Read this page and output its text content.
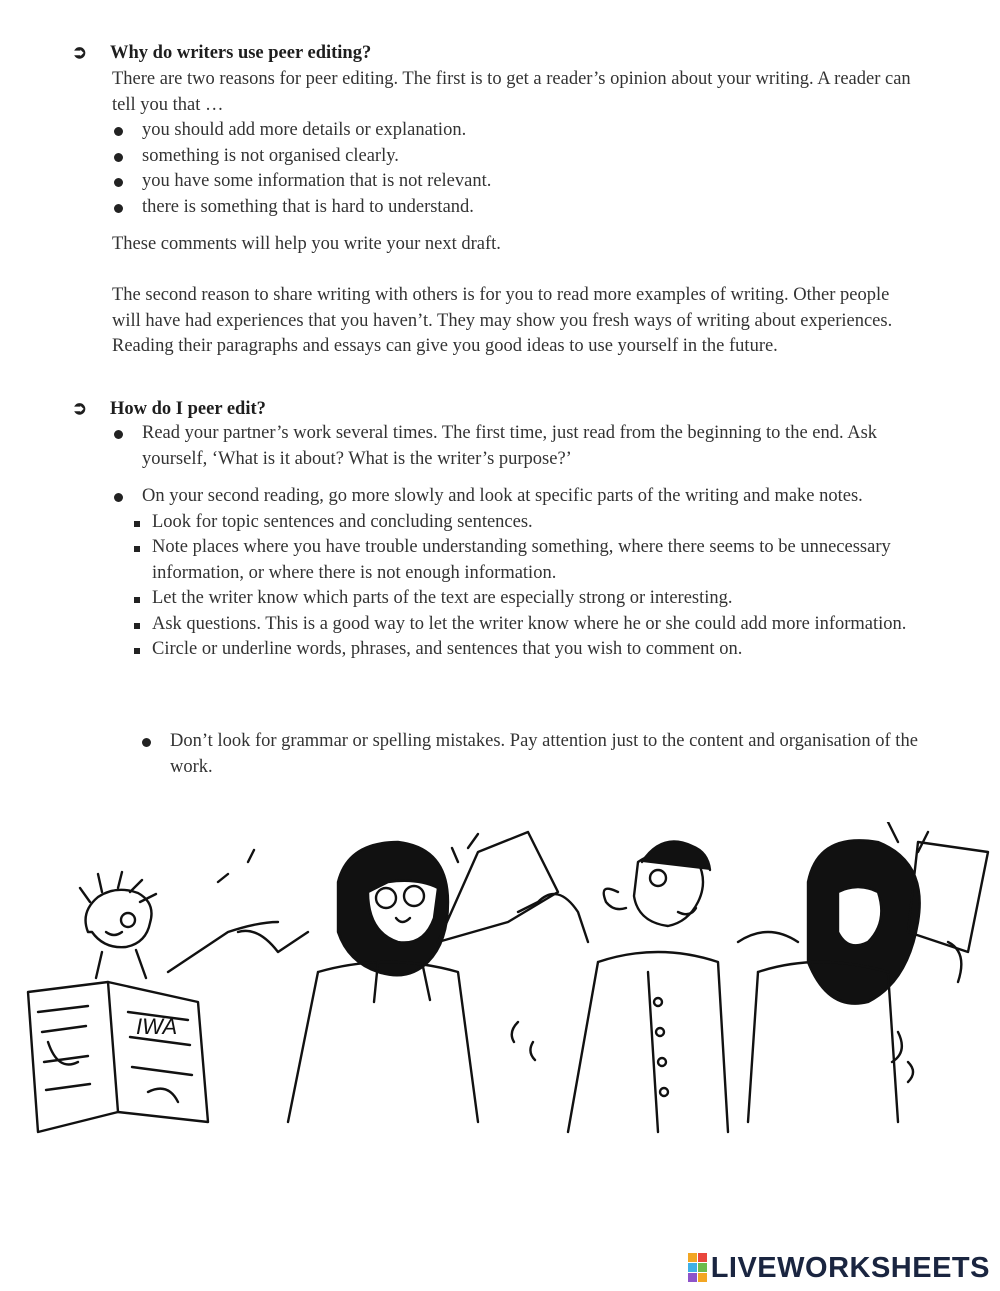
➲ Why do writers use peer editing?
There are two reasons for peer editing. The first is to get a reader’s opinion about your writing. A reader can tell you that …
you should add more details or explanation.
something is not organised clearly.
you have some information that is not relevant.
there is something that is hard to understand.
These comments will help you write your next draft.
The second reason to share writing with others is for you to read more examples of writing. Other people will have had experiences that you haven’t. They may show you fresh ways of writing about experiences. Reading their paragraphs and essays can give you good ideas to use yourself in the future.
➲ How do I peer edit?
Read your partner’s work several times. The first time, just read from the beginning to the end. Ask yourself, ‘What is it about? What is the writer’s purpose?’
On your second reading, go more slowly and look at specific parts of the writing and make notes.
Look for topic sentences and concluding sentences.
Note places where you have trouble understanding something, where there seems to be unnecessary information, or where there is not enough information.
Let the writer know which parts of the text are especially strong or interesting.
Ask questions. This is a good way to let the writer know where he or she could add more information.
Circle or underline words, phrases, and sentences that you wish to comment on.
Don’t look for grammar or spelling mistakes. Pay attention just to the content and organisation of the work.
IWA
LIVEWORKSHEETS
